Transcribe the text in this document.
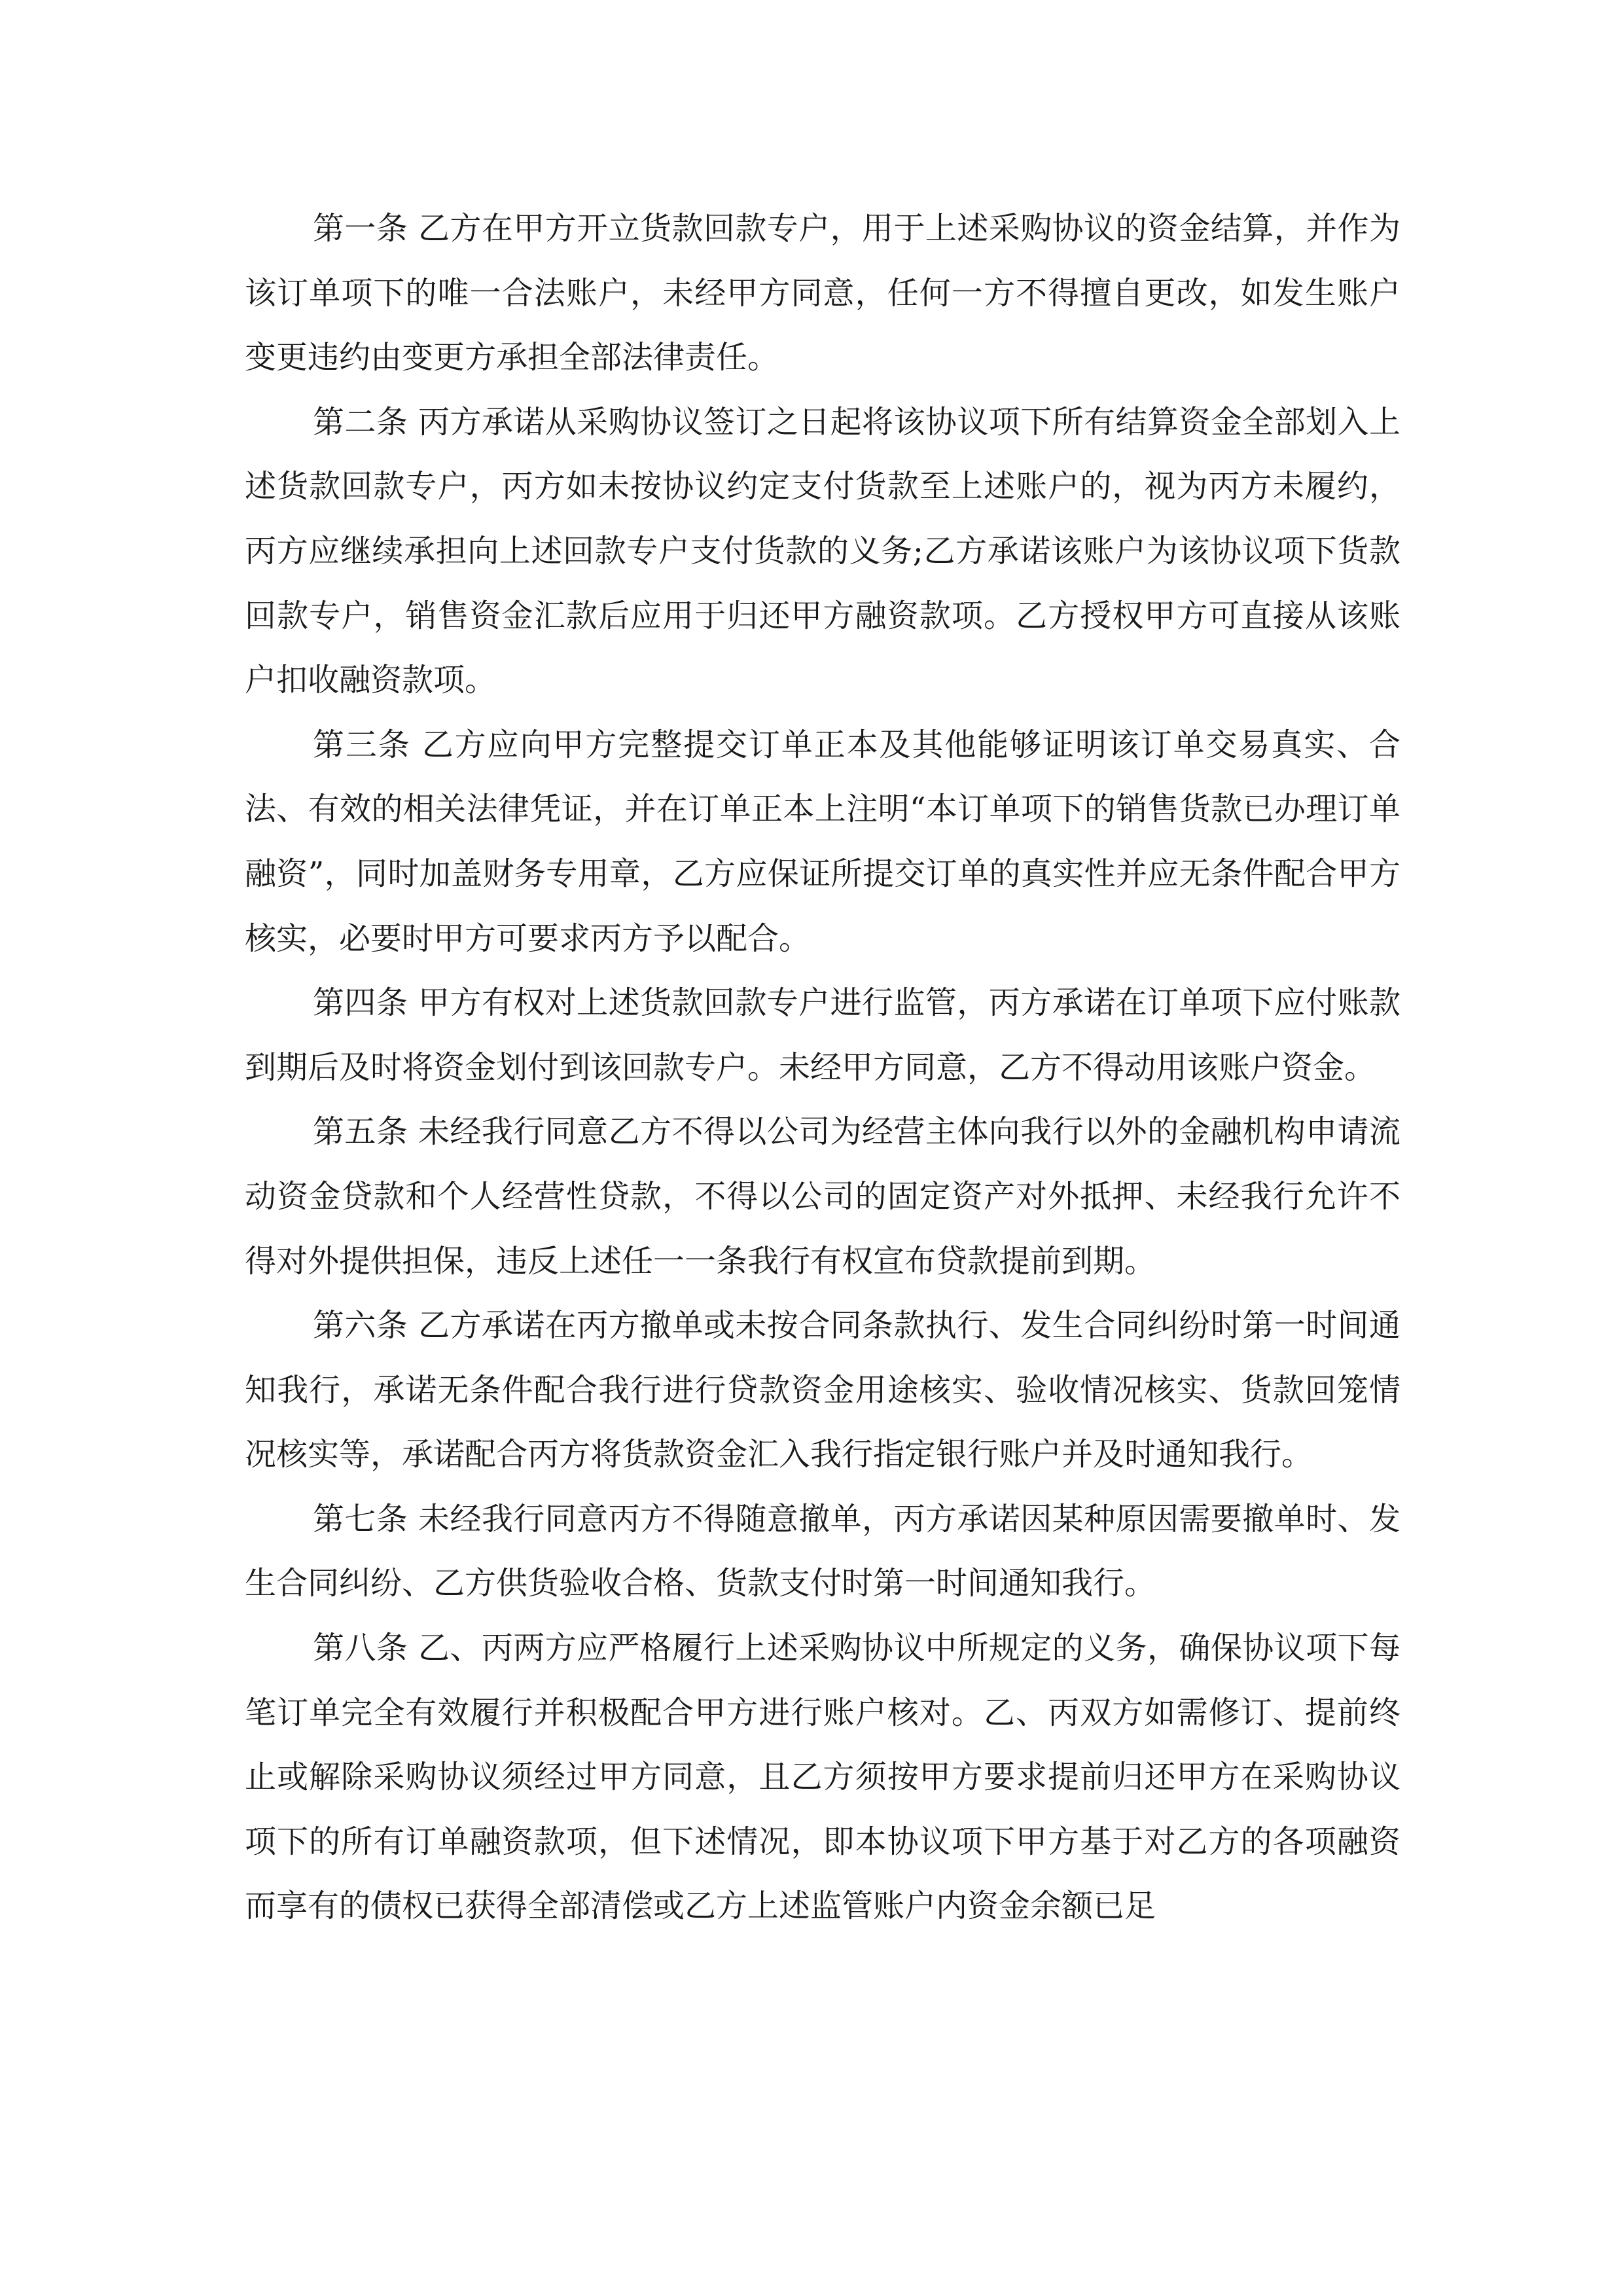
第一条 乙方在甲方开立货款回款专户，用于上述采购协议的资金结算，并作为该订单项下的唯一合法账户，未经甲方同意，任何一方不得擅自更改，如发生账户变更违约由变更方承担全部法律责任。

第二条 丙方承诺从采购协议签订之日起将该协议项下所有结算资金全部划入上述货款回款专户，丙方如未按协议约定支付货款至上述账户的，视为丙方未履约，丙方应继续承担向上述回款专户支付货款的义务;乙方承诺该账户为该协议项下货款回款专户，销售资金汇款后应用于归还甲方融资款项。乙方授权甲方可直接从该账户扣收融资款项。

第三条 乙方应向甲方完整提交订单正本及其他能够证明该订单交易真实、合法、有效的相关法律凭证，并在订单正本上注明“本订单项下的销售货款已办理订单融资”，同时加盖财务专用章，乙方应保证所提交订单的真实性并应无条件配合甲方核实，必要时甲方可要求丙方予以配合。

第四条 甲方有权对上述货款回款专户进行监管，丙方承诺在订单项下应付账款到期后及时将资金划付到该回款专户。未经甲方同意，乙方不得动用该账户资金。

第五条 未经我行同意乙方不得以公司为经营主体向我行以外的金融机构申请流动资金贷款和个人经营性贷款，不得以公司的固定资产对外抵押、未经我行允许不得对外提供担保，违反上述任一一条我行有权宣布贷款提前到期。

第六条 乙方承诺在丙方撤单或未按合同条款执行、发生合同纠纷时第一时间通知我行，承诺无条件配合我行进行贷款资金用途核实、验收情况核实、货款回笼情况核实等，承诺配合丙方将货款资金汇入我行指定银行账户并及时通知我行。

第七条 未经我行同意丙方不得随意撤单，丙方承诺因某种原因需要撤单时、发生合同纠纷、乙方供货验收合格、货款支付时第一时间通知我行。

第八条 乙、丙两方应严格履行上述采购协议中所规定的义务，确保协议项下每笔订单完全有效履行并积极配合甲方进行账户核对。乙、丙双方如需修订、提前终止或解除采购协议须经过甲方同意，且乙方须按甲方要求提前归还甲方在采购协议项下的所有订单融资款项，但下述情况，即本协议项下甲方基于对乙方的各项融资而享有的债权已获得全部清偿或乙方上述监管账户内资金余额已足
